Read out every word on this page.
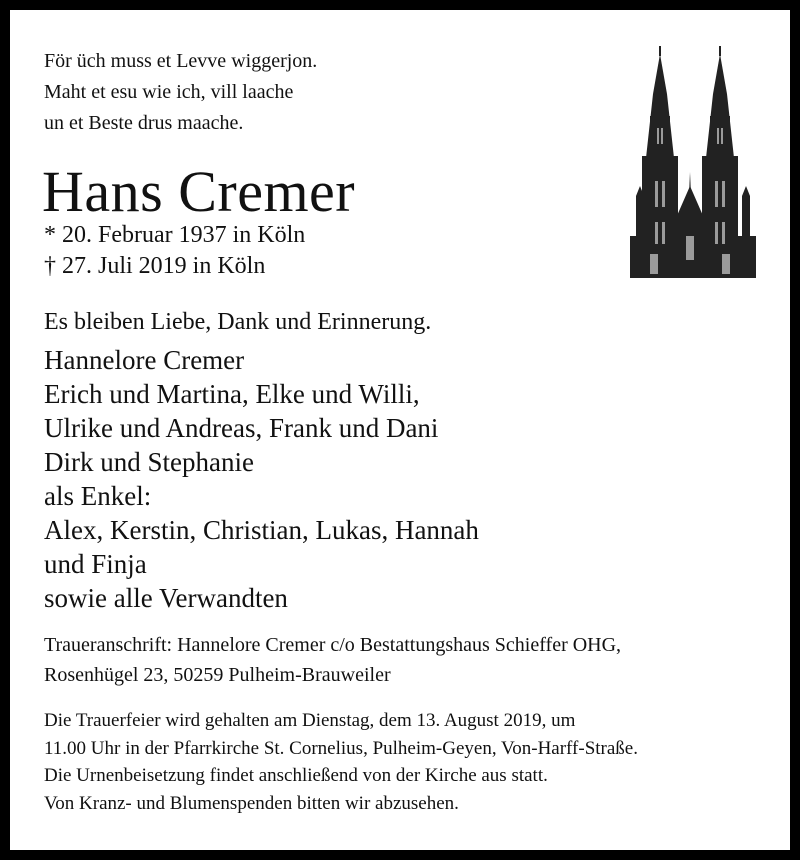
För üch muss et Levve wiggerjon.
Maht et esu wie ich, vill laache
un et Beste drus maache.
Hans Cremer
* 20. Februar 1937 in Köln
† 27. Juli 2019 in Köln
Es bleiben Liebe, Dank und Erinnerung.
Hannelore Cremer
Erich und Martina, Elke und Willi,
Ulrike und Andreas, Frank und Dani
Dirk und Stephanie
als Enkel:
Alex, Kerstin, Christian, Lukas, Hannah
und Finja
sowie alle Verwandten
Traueranschrift: Hannelore Cremer c/o Bestattungshaus Schieffer OHG,
Rosenhügel 23, 50259 Pulheim-Brauweiler
Die Trauerfeier wird gehalten am Dienstag, dem 13. August 2019, um
11.00 Uhr in der Pfarrkirche St. Cornelius, Pulheim-Geyen, Von-Harff-Straße.
Die Urnenbeisetzung findet anschließend von der Kirche aus statt.
Von Kranz- und Blumenspenden bitten wir abzusehen.
